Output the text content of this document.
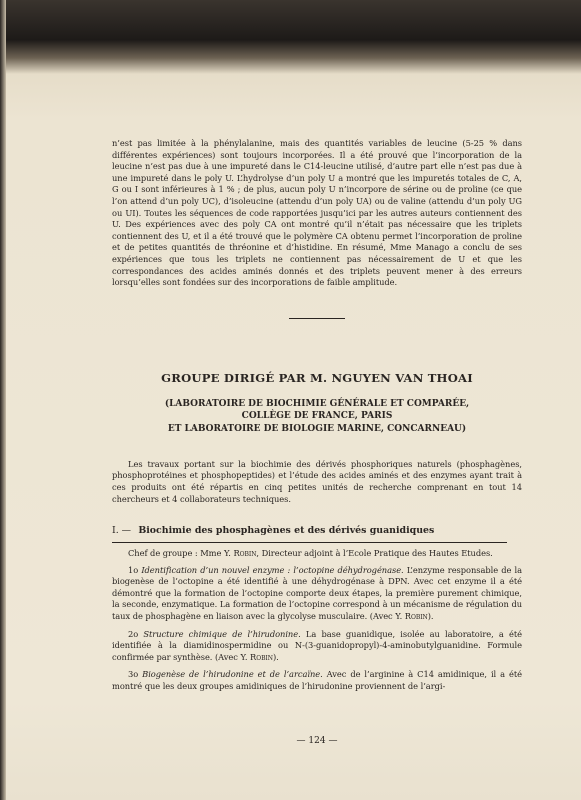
n’est pas limitée à la phénylalanine, mais des quantités variables de leucine (5-25 % dans différentes expériences) sont toujours incorporées. Il a été prouvé que l’incorporation de la leucine n’est pas due à une impureté dans le C14-leucine utilisé, d’autre part elle n’est pas due à une impureté dans le poly U. L’hydrolyse d’un poly U a montré que les impuretés totales de C, A, G ou I sont inférieures à 1 % ; de plus, aucun poly U n’incorpore de sérine ou de proline (ce que l’on attend d’un poly UC), d’isoleucine (attendu d’un poly UA) ou de valine (attendu d’un poly UG ou UI). Toutes les séquences de code rapportées jusqu’ici par les autres auteurs contiennent des U. Des expériences avec des poly CA ont montré qu’il n’était pas nécessaire que les triplets contiennent des U, et il a été trouvé que le polymère CA obtenu permet l’incorporation de proline et de petites quantités de thréonine et d’histidine. En résumé, Mme Manago a conclu de ses expériences que tous les triplets ne contiennent pas nécessairement de U et que les correspondances des acides aminés donnés et des triplets peuvent mener à des erreurs lorsqu’elles sont fondées sur des incorporations de faible amplitude.

GROUPE DIRIGÉ PAR M. NGUYEN VAN THOAI
(LABORATOIRE DE BIOCHIMIE GÉNÉRALE ET COMPARÉE,
COLLÈGE DE FRANCE, PARIS
ET LABORATOIRE DE BIOLOGIE MARINE, CONCARNEAU)

Les travaux portant sur la biochimie des dérivés phosphoriques naturels (phosphagènes, phosphoprotéines et phosphopeptides) et l’étude des acides aminés et des enzymes ayant trait à ces produits ont été répartis en cinq petites unités de recherche comprenant en tout 14 chercheurs et 4 collaborateurs techniques.

I. — Biochimie des phosphagènes et des dérivés guanidiques

Chef de groupe : Mme Y. Robin, Directeur adjoint à l’Ecole Pratique des Hautes Etudes.

1o Identification d’un nouvel enzyme : l’octopine déhydrogénase. L’enzyme responsable de la biogenèse de l’octopine a été identifié à une déhydrogénase à DPN. Avec cet enzyme il a été démontré que la formation de l’octopine comporte deux étapes, la première purement chimique, la seconde, enzymatique. La formation de l’octopine correspond à un mécanisme de régulation du taux de phosphagène en liaison avec la glycolyse musculaire. (Avec Y. Robin).

2o Structure chimique de l’hirudonine. La base guanidique, isolée au laboratoire, a été identifiée à la diamidinospermidine ou N-(3-guanidopropyl)-4-aminobutylguanidine. Formule confirmée par synthèse. (Avec Y. Robin).

3o Biogenèse de l’hirudonine et de l’arcaïne. Avec de l’arginine à C14 amidinique, il a été montré que les deux groupes amidiniques de l’hirudonine proviennent de l’argi-

— 124 —
